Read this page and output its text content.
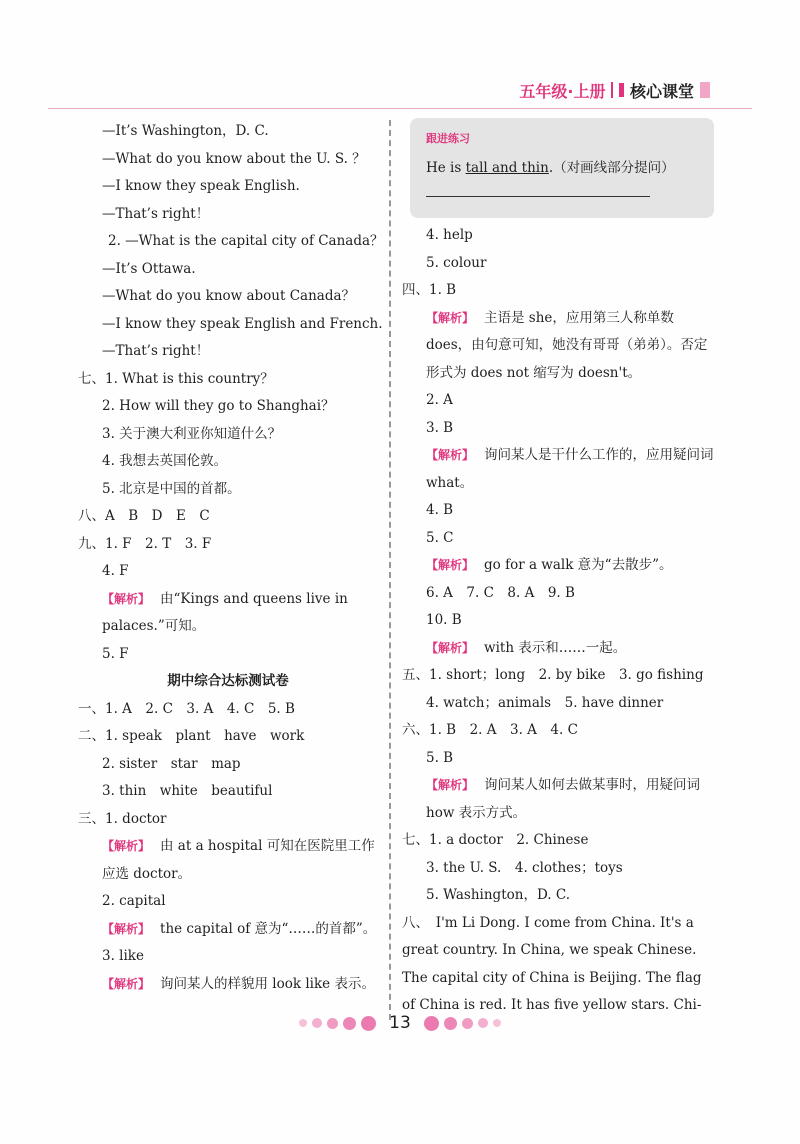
五年级·上册 核心课堂
—It’s Washington，D. C.
—What do you know about the U. S. ？
—I know they speak English.
—That’s right！
2. —What is the capital city of Canada？
—It’s Ottawa.
—What do you know about Canada？
—I know they speak English and French.
—That’s right！
七、1. What is this country？
2. How will they go to Shanghai？
3. 关于澳大利亚你知道什么？
4. 我想去英国伦敦。
5. 北京是中国的首都。
八、A　B　D　E　C
九、1. F　2. T　3. F
4. F
【解析】 由“Kings and queens live in palaces.”可知。
5. F
期中综合达标测试卷
一、1. A　2. C　3. A　4. C　5. B
二、1. speak　plant　have　work
2. sister　star　map
3. thin　white　beautiful
三、1. doctor
【解析】 由 at a hospital 可知在医院里工作应选 doctor。
2. capital
【解析】 the capital of 意为“……的首都”。
3. like
【解析】 询问某人的样貌用 look like 表示。
跟进练习
He is tall and thin.（对画线部分提问）
4. help
5. colour
四、1. B
【解析】 主语是 she，应用第三人称单数 does，由句意可知，她没有哥哥（弟弟）。否定形式为 does not 缩写为 doesn't。
2. A
3. B
【解析】 询问某人是干什么工作的，应用疑问词 what。
4. B
5. C
【解析】 go for a walk 意为“去散步”。
6. A　7. C　8. A　9. B
10. B
【解析】 with 表示和……一起。
五、1. short；long　2. by bike　3. go fishing
4. watch；animals　5. have dinner
六、1. B　2. A　3. A　4. C
5. B
【解析】 询问某人如何去做某事时，用疑问词 how 表示方式。
七、1. a doctor　2. Chinese
3. the U. S.　4. clothes；toys
5. Washington，D. C.
八、　I'm Li Dong. I come from China. It's a great country. In China, we speak Chinese. The capital city of China is Beijing. The flag of China is red. It has five yellow stars. Chi-
13
